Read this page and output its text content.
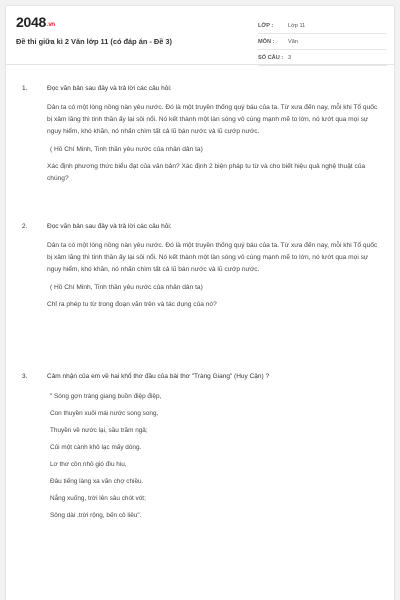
2048.vn
Đề thi giữa kì 2 Văn lớp 11 (có đáp án - Đề 3)
LỚP :	Lớp 11
MÔN :	Văn
SỐ CÂU : 3
1.	Đọc văn bản sau đây và trả lời các câu hỏi:
Dân ta có một lòng nồng nàn yêu nước. Đó là một truyền thống quý báu của ta. Từ xưa đến nay, mỗi khi Tổ quốc bị xâm lăng thì tinh thần ấy lại sôi nổi. Nó kết thành một làn sóng vô cùng mạnh mẽ to lớn, nó lướt qua mọi sự nguy hiểm, khó khăn, nó nhấn chìm tất cả lũ bán nước và lũ cướp nước.
( Hồ Chí Minh, Tinh thần yêu nước của nhân dân ta)
Xác định phương thức biểu đạt của văn bản? Xác định 2 biện pháp tu từ và cho biết hiệu quả nghệ thuật của chúng?
2.	Đọc văn bản sau đây và trả lời các câu hỏi:
Dân ta có một lòng nồng nàn yêu nước. Đó là một truyền thống quý báu của ta. Từ xưa đến nay, mỗi khi Tổ quốc bị xâm lăng thì tinh thần ấy lại sôi nổi. Nó kết thành một làn sóng vô cùng mạnh mẽ to lớn, nó lướt qua mọi sự nguy hiểm, khó khăn, nó nhấn chìm tất cả lũ bán nước và lũ cướp nước.
( Hồ Chí Minh, Tinh thần yêu nước của nhân dân ta)
Chỉ ra phép tu từ trong đoạn văn trên và tác dụng của nó?
3.	Cảm nhận của em về hai khổ thơ đầu của bài thơ "Tràng Giang" (Huy Cận) ?
" Sóng gợn tràng giang buồn điệp điệp,
Con thuyền xuôi mái nước song song,
Thuyền về nước lại, sầu trăm ngả;
Củi một cành khô lạc mấy dòng.
Lơ thơ cồn nhỏ gió đìu hiu,
Đâu tiếng làng xa vãn chợ chiều.
Nắng xuống, trời lên sâu chót vót;
Sông dài ,trời rộng, bến cô liêu".
